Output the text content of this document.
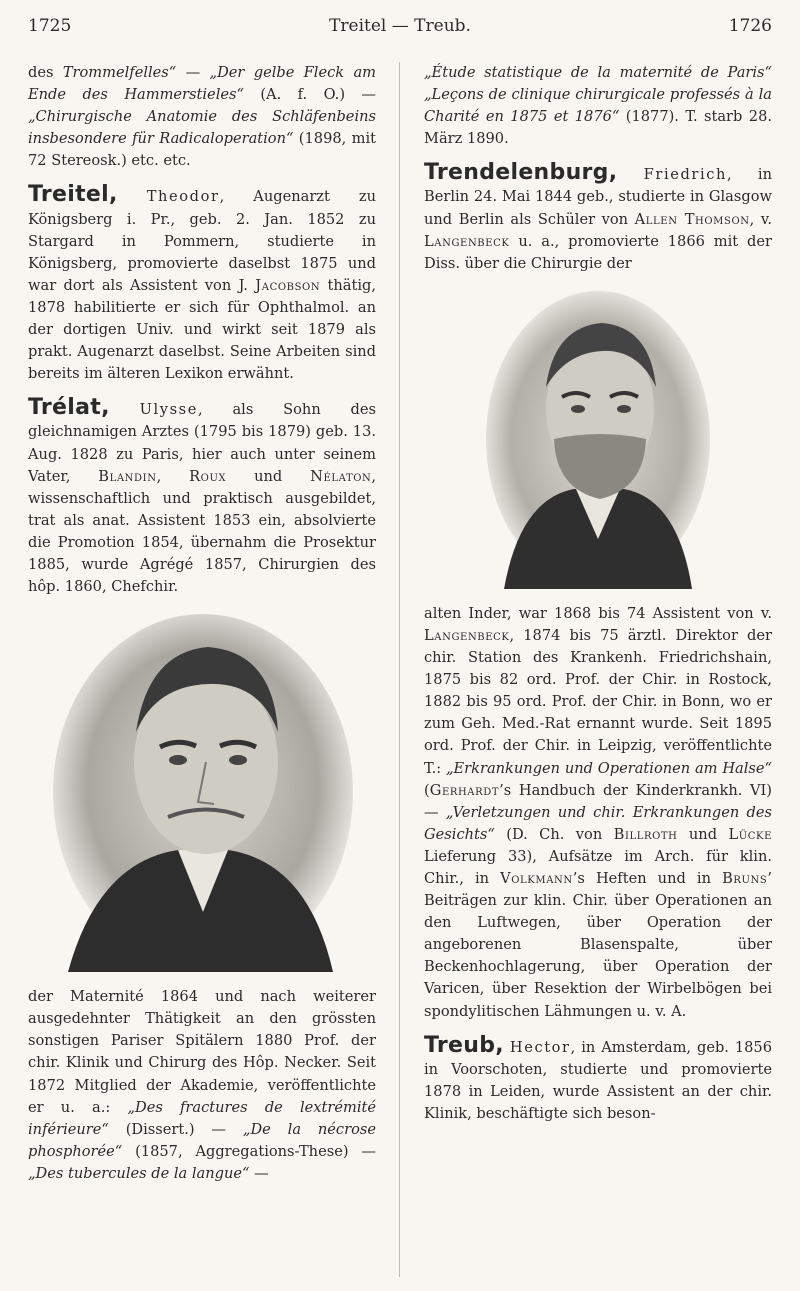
1725	Treitel — Treub.	1726

des Trommelfelles“ — „Der gelbe Fleck am Ende des Hammerstieles“ (A. f. O.) — „Chirurgische Anatomie des Schläfenbeins insbesondere für Radicaloperation“ (1898, mit 72 Stereosk.) etc. etc.

Treitel, Theodor, Augenarzt zu Königsberg i. Pr., geb. 2. Jan. 1852 zu Stargard in Pommern, studierte in Königsberg, promovierte daselbst 1875 und war dort als Assistent von J. Jacobson thätig, 1878 habilitierte er sich für Ophthalmol. an der dortigen Univ. und wirkt seit 1879 als prakt. Augenarzt daselbst. Seine Arbeiten sind bereits im älteren Lexikon erwähnt.

Trélat, Ulysse, als Sohn des gleichnamigen Arztes (1795 bis 1879) geb. 13. Aug. 1828 zu Paris, hier auch unter seinem Vater, Blandin, Roux und Nélaton, wissenschaftlich und praktisch ausgebildet, trat als anat. Assistent 1853 ein, absolvierte die Promotion 1854, übernahm die Prosektur 1885, wurde Agrégé 1857, Chirurgien des hôp. 1860, Chefchir.

der Maternité 1864 und nach weiterer ausgedehnter Thätigkeit an den grössten sonstigen Pariser Spitälern 1880 Prof. der chir. Klinik und Chirurg des Hôp. Necker. Seit 1872 Mitglied der Akademie, veröffentlichte er u. a.: „Des fractures de lextrémité inférieure“ (Dissert.) — „De la nécrose phosphorée“ (1857, Aggregations-These) — „Des tubercules de la langue“ —

„Étude statistique de la maternité de Paris“ „Leçons de clinique chirurgicale professés à la Charité en 1875 et 1876“ (1877). T. starb 28. März 1890.

Trendelenburg, Friedrich, in Berlin 24. Mai 1844 geb., studierte in Glasgow und Berlin als Schüler von Allen Thomson, v. Langenbeck u. a., promovierte 1866 mit der Diss. über die Chirurgie der

alten Inder, war 1868 bis 74 Assistent von v. Langenbeck, 1874 bis 75 ärztl. Direktor der chir. Station des Krankenh. Friedrichshain, 1875 bis 82 ord. Prof. der Chir. in Rostock, 1882 bis 95 ord. Prof. der Chir. in Bonn, wo er zum Geh. Med.-Rat ernannt wurde. Seit 1895 ord. Prof. der Chir. in Leipzig, veröffentlichte T.: „Erkrankungen und Operationen am Halse“ (Gerhardt’s Handbuch der Kinderkrankh. VI) — „Verletzungen und chir. Erkrankungen des Gesichts“ (D. Ch. von Billroth und Lücke Lieferung 33), Aufsätze im Arch. für klin. Chir., in Volkmann’s Heften und in Bruns’ Beiträgen zur klin. Chir. über Operationen an den Luftwegen, über Operation der angeborenen Blasenspalte, über Beckenhochlagerung, über Operation der Varicen, über Resektion der Wirbelbögen bei spondylitischen Lähmungen u. v. A.

Treub, Hector, in Amsterdam, geb. 1856 in Voorschoten, studierte und promovierte 1878 in Leiden, wurde Assistent an der chir. Klinik, beschäftigte sich beson-
